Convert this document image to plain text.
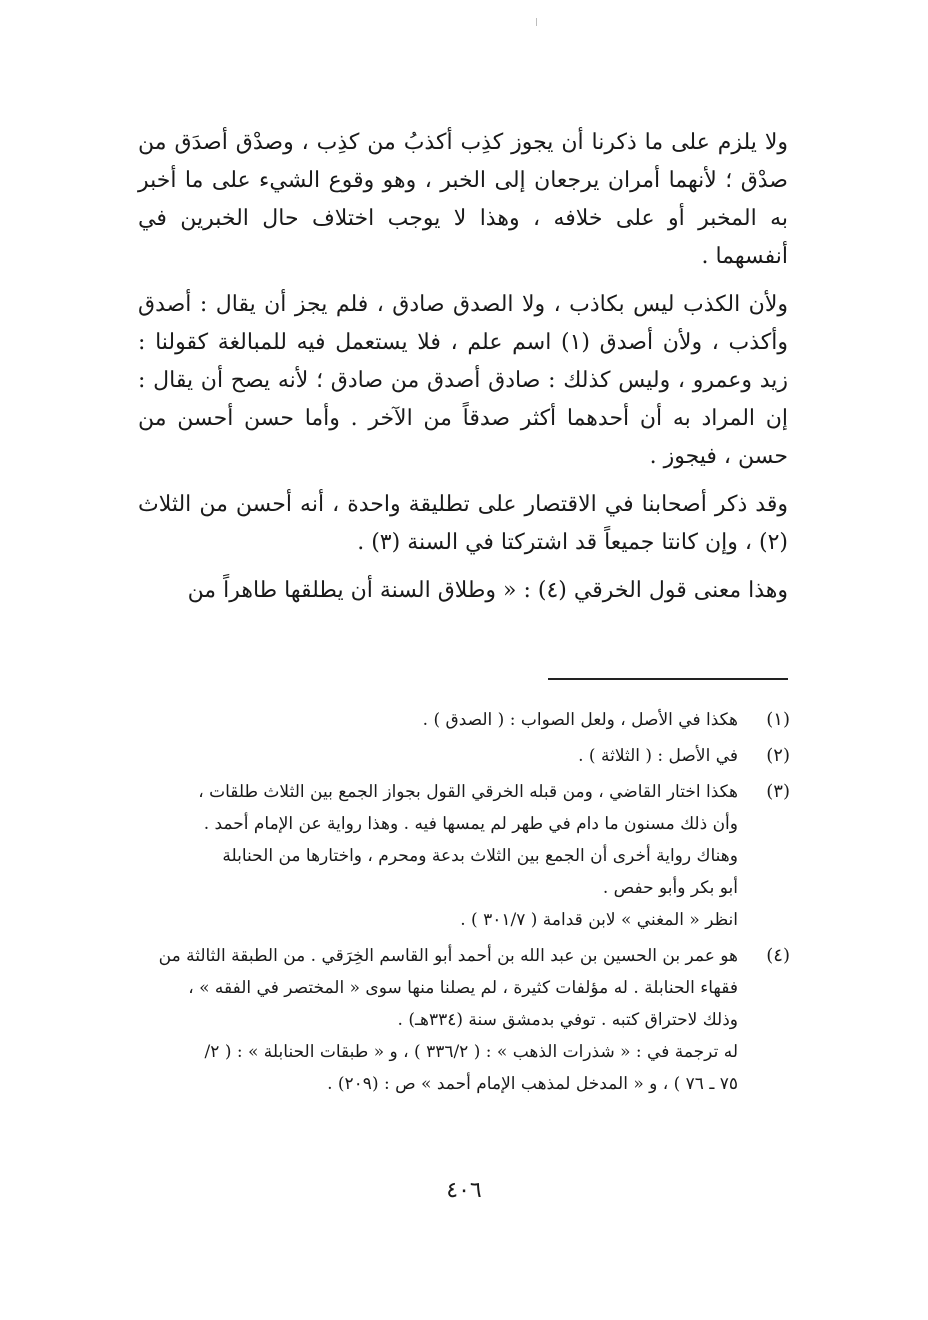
ولا يلزم على ما ذكرنا أن يجوز كذِب أكذبُ من كذِب ، وصدْق أصدَق من صدْق ؛ لأنهما أمران يرجعان إلى الخبر ، وهو وقوع الشيء على ما أخبر به المخبر أو على خلافه ، وهذا لا يوجب اختلاف حال الخبرين في أنفسهما .

ولأن الكذب ليس بكاذب ، ولا الصدق صادق ، فلم يجز أن يقال : أصدق وأكذب ، ولأن أصدق (١) اسم علم ، فلا يستعمل فيه للمبالغة كقولنا : زيد وعمرو ، وليس كذلك : صادق أصدق من صادق ؛ لأنه يصح أن يقال : إن المراد به أن أحدهما أكثر صدقاً من الآخر . وأما حسن أحسن من حسن ، فيجوز .

وقد ذكر أصحابنا في الاقتصار على تطليقة واحدة ، أنه أحسن من الثلاث (٢) ، وإن كانتا جميعاً قد اشتركتا في السنة (٣) .

وهذا معنى قول الخرقي (٤) : « وطلاق السنة أن يطلقها طاهراً من

(١)
هكذا في الأصل ، ولعل الصواب : ( الصدق ) .
(٢)
في الأصل : ( الثلاثة ) .
(٣)
هكذا اختار القاضي ، ومن قبله الخرقي القول بجواز الجمع بين الثلاث طلقات ،
وأن ذلك مسنون ما دام في طهر لم يمسها فيه . وهذا رواية عن الإمام أحمد .
وهناك رواية أخرى أن الجمع بين الثلاث بدعة ومحرم ، واختارها من الحنابلة
أبو بكر وأبو حفص .
انظر « المغني » لابن قدامة ( ٣٠١/٧ ) .
(٤)
هو عمر بن الحسين بن عبد الله بن أحمد أبو القاسم الخِرَقي . من الطبقة الثالثة من
فقهاء الحنابلة . له مؤلفات كثيرة ، لم يصلنا منها سوى « المختصر في الفقه » ،
وذلك لاحتراق كتبه . توفي بدمشق سنة (٣٣٤هـ) .
له ترجمة في : « شذرات الذهب » : ( ٣٣٦/٢ ) ، و « طبقات الحنابلة » : ( ٢/
٧٥ ـ ٧٦ ) ، و « المدخل لمذهب الإمام أحمد » ص : (٢٠٩) .
٤٠٦
